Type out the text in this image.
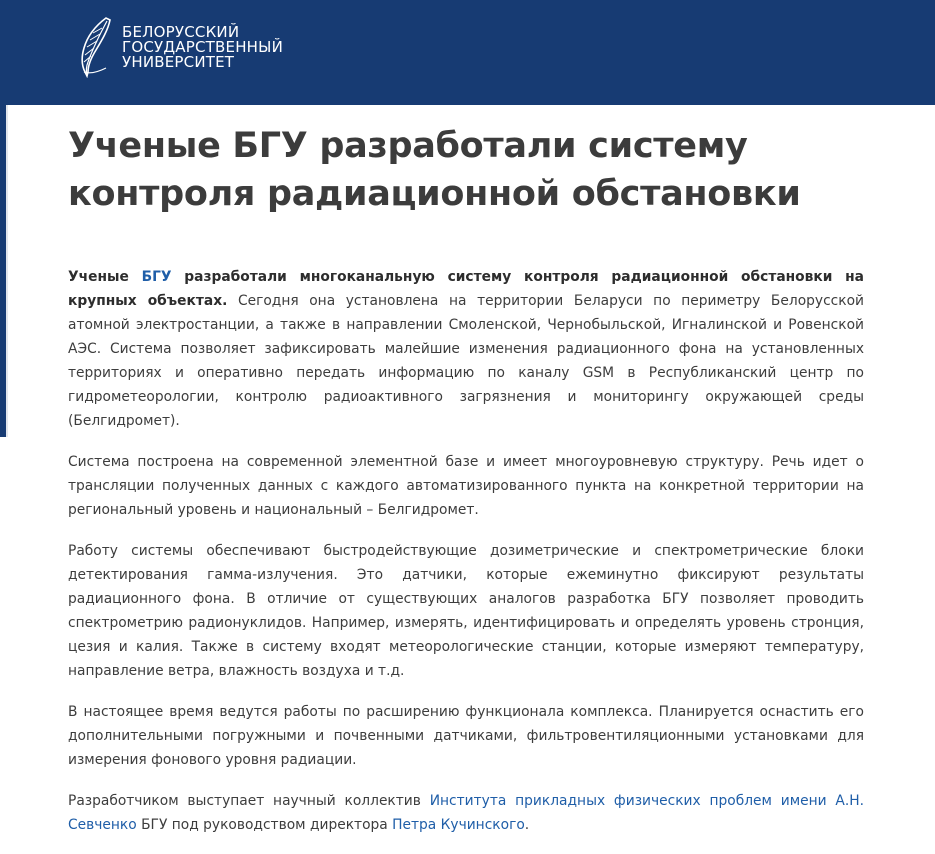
БЕЛОРУССКИЙ
ГОСУДАРСТВЕННЫЙ
УНИВЕРСИТЕТ
Ученые БГУ разработали систему контроля радиационной обстановки

Ученые БГУ разработали многоканальную систему контроля радиационной обстановки на крупных объектах. Сегодня она установлена на территории Беларуси по периметру Белорусской атомной электростанции, а также в направлении Смоленской, Чернобыльской, Игналинской и Ровенской АЭС. Система позволяет зафиксировать малейшие изменения радиационного фона на установленных территориях и оперативно передать информацию по каналу GSM в Республиканский центр по гидрометеорологии, контролю радиоактивного загрязнения и мониторингу окружающей среды (Белгидромет).

Система построена на современной элементной базе и имеет многоуровневую структуру. Речь идет о трансляции полученных данных с каждого автоматизированного пункта на конкретной территории на региональный уровень и национальный – Белгидромет.

Работу системы обеспечивают быстродействующие дозиметрические и спектрометрические блоки детектирования гамма-излучения. Это датчики, которые ежеминутно фиксируют результаты радиационного фона. В отличие от существующих аналогов разработка БГУ позволяет проводить спектрометрию радионуклидов. Например, измерять, идентифицировать и определять уровень стронция, цезия и калия. Также в систему входят метеорологические станции, которые измеряют температуру, направление ветра, влажность воздуха и т.д.

В настоящее время ведутся работы по расширению функционала комплекса. Планируется оснастить его дополнительными погружными и почвенными датчиками, фильтровентиляционными установками для измерения фонового уровня радиации.

Разработчиком выступает научный коллектив Института прикладных физических проблем имени А.Н. Севченко БГУ под руководством директора Петра Кучинского.
